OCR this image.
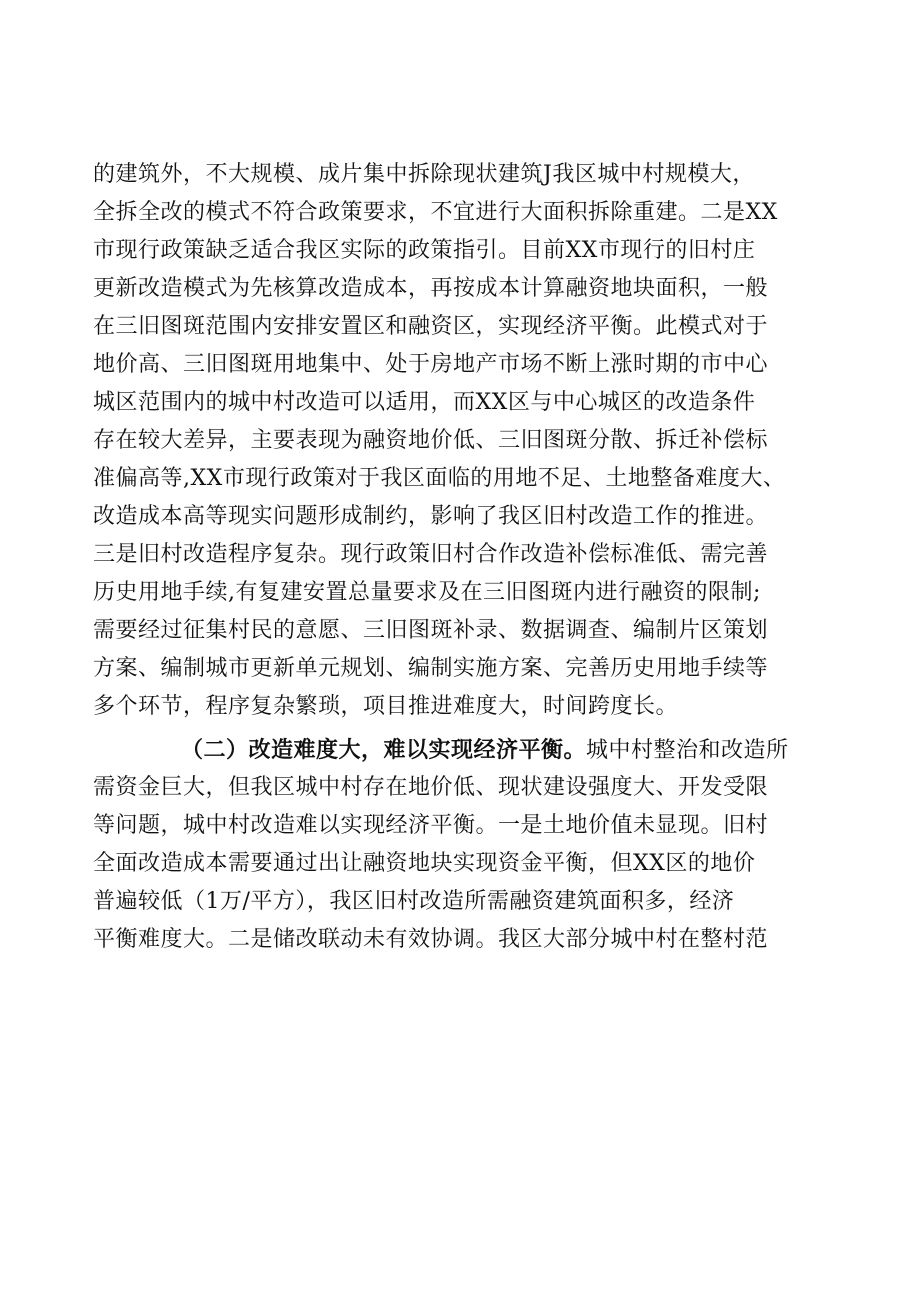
的建筑外，不大规模、成片集中拆除现状建筑J我区城中村规模大，
全拆全改的模式不符合政策要求，不宜进行大面积拆除重建。二是XX
市现行政策缺乏适合我区实际的政策指引。目前XX市现行的旧村庄
更新改造模式为先核算改造成本，再按成本计算融资地块面积，一般
在三旧图斑范围内安排安置区和融资区，实现经济平衡。此模式对于
地价高、三旧图斑用地集中、处于房地产市场不断上涨时期的市中心
城区范围内的城中村改造可以适用，而XX区与中心城区的改造条件
存在较大差异，主要表现为融资地价低、三旧图斑分散、拆迁补偿标
准偏高等,XX市现行政策对于我区面临的用地不足、土地整备难度大、
改造成本高等现实问题形成制约，影响了我区旧村改造工作的推进。
三是旧村改造程序复杂。现行政策旧村合作改造补偿标准低、需完善
历史用地手续,有复建安置总量要求及在三旧图斑内进行融资的限制;
需要经过征集村民的意愿、三旧图斑补录、数据调查、编制片区策划
方案、编制城市更新单元规划、编制实施方案、完善历史用地手续等
多个环节，程序复杂繁琐，项目推进难度大，时间跨度长。
（二）改造难度大，难以实现经济平衡。城中村整治和改造所
需资金巨大，但我区城中村存在地价低、现状建设强度大、开发受限
等问题，城中村改造难以实现经济平衡。一是土地价值未显现。旧村
全面改造成本需要通过出让融资地块实现资金平衡，但XX区的地价
普遍较低（1万/平方），我区旧村改造所需融资建筑面积多，经济
平衡难度大。二是储改联动未有效协调。我区大部分城中村在整村范
